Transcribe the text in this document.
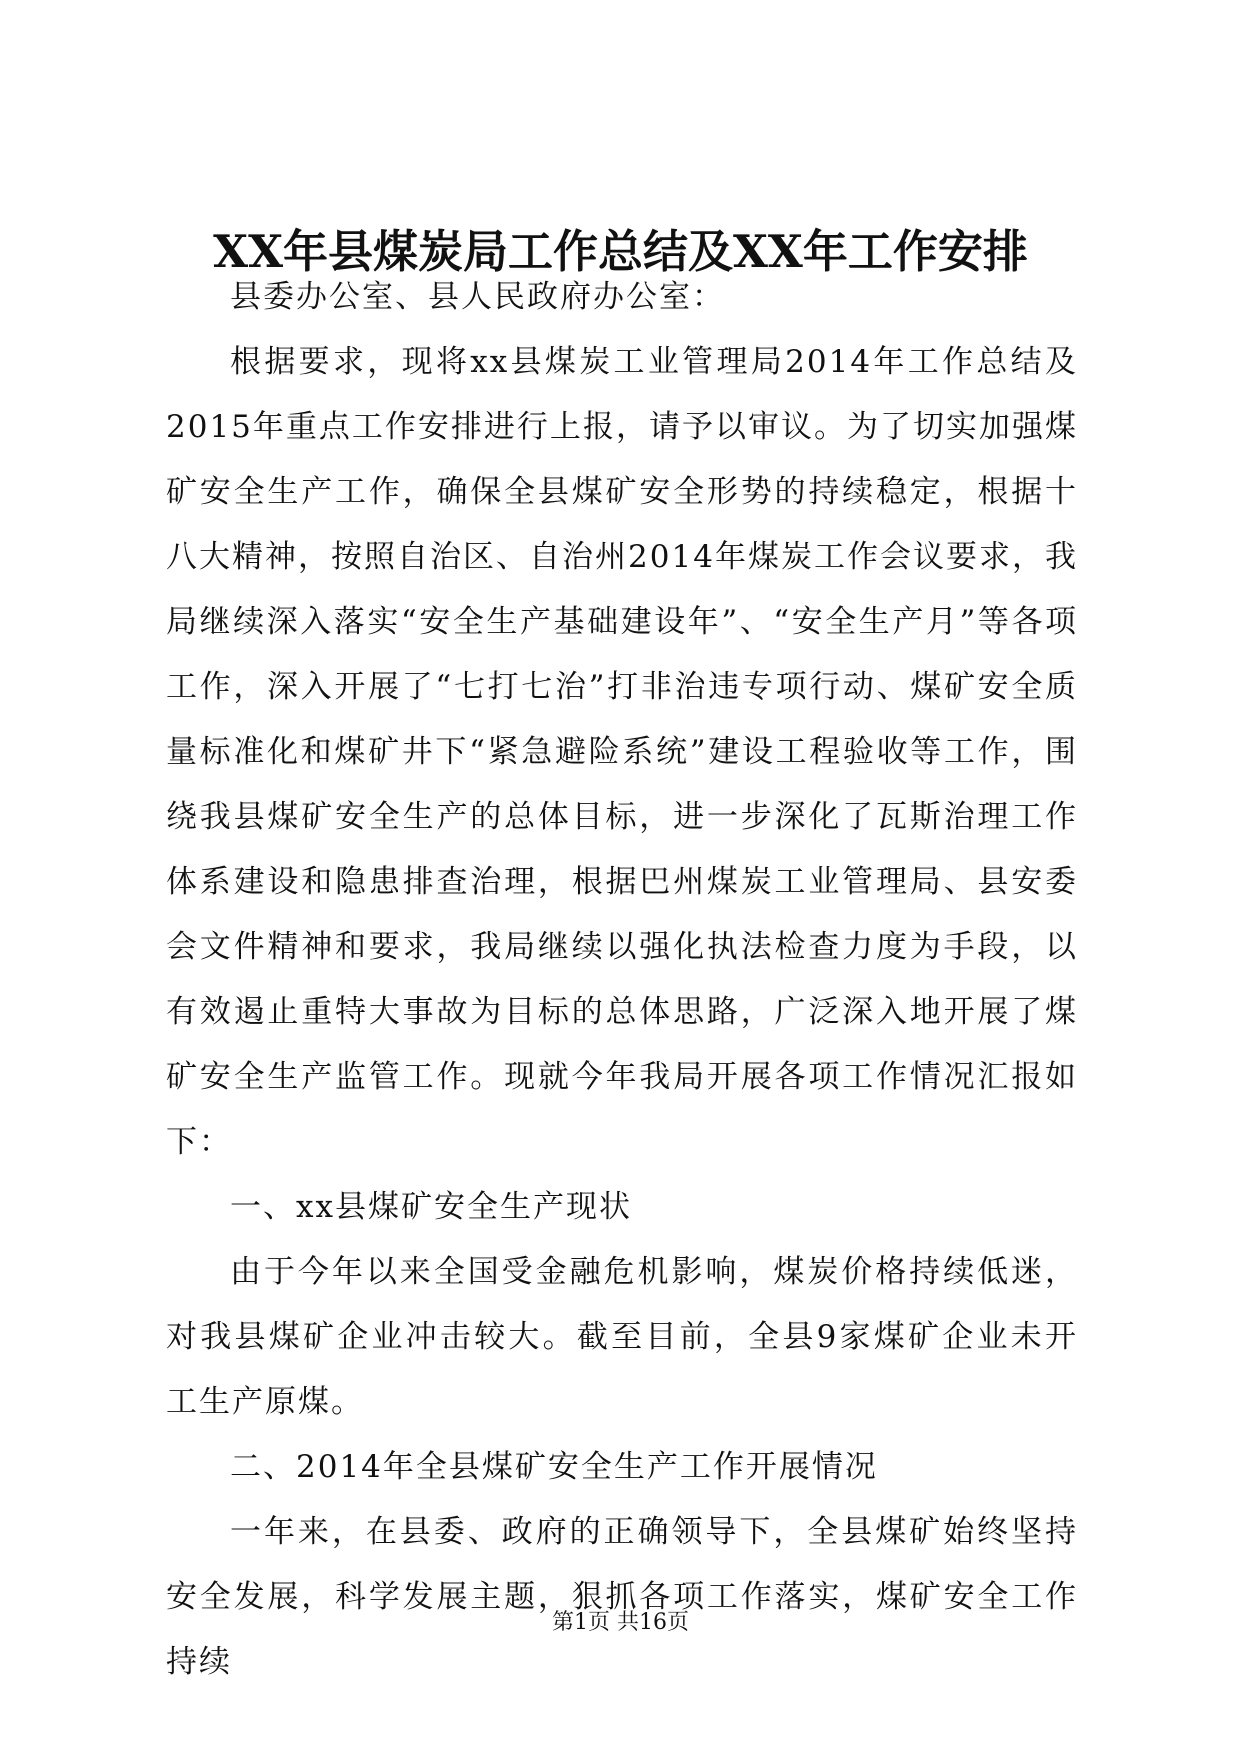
XX年县煤炭局工作总结及XX年工作安排

县委办公室、县人民政府办公室：

根据要求，现将xx县煤炭工业管理局2014年工作总结及2015年重点工作安排进行上报，请予以审议。为了切实加强煤矿安全生产工作，确保全县煤矿安全形势的持续稳定，根据十八大精神，按照自治区、自治州2014年煤炭工作会议要求，我局继续深入落实“安全生产基础建设年”、“安全生产月”等各项工作，深入开展了“七打七治”打非治违专项行动、煤矿安全质量标准化和煤矿井下“紧急避险系统”建设工程验收等工作，围绕我县煤矿安全生产的总体目标，进一步深化了瓦斯治理工作体系建设和隐患排查治理，根据巴州煤炭工业管理局、县安委会文件精神和要求，我局继续以强化执法检查力度为手段，以有效遏止重特大事故为目标的总体思路，广泛深入地开展了煤矿安全生产监管工作。现就今年我局开展各项工作情况汇报如下：

一、xx县煤矿安全生产现状

由于今年以来全国受金融危机影响，煤炭价格持续低迷，对我县煤矿企业冲击较大。截至目前，全县9家煤矿企业未开工生产原煤。

二、2014年全县煤矿安全生产工作开展情况

一年来，在县委、政府的正确领导下，全县煤矿始终坚持安全发展，科学发展主题，狠抓各项工作落实，煤矿安全工作持续

第1页 共16页
